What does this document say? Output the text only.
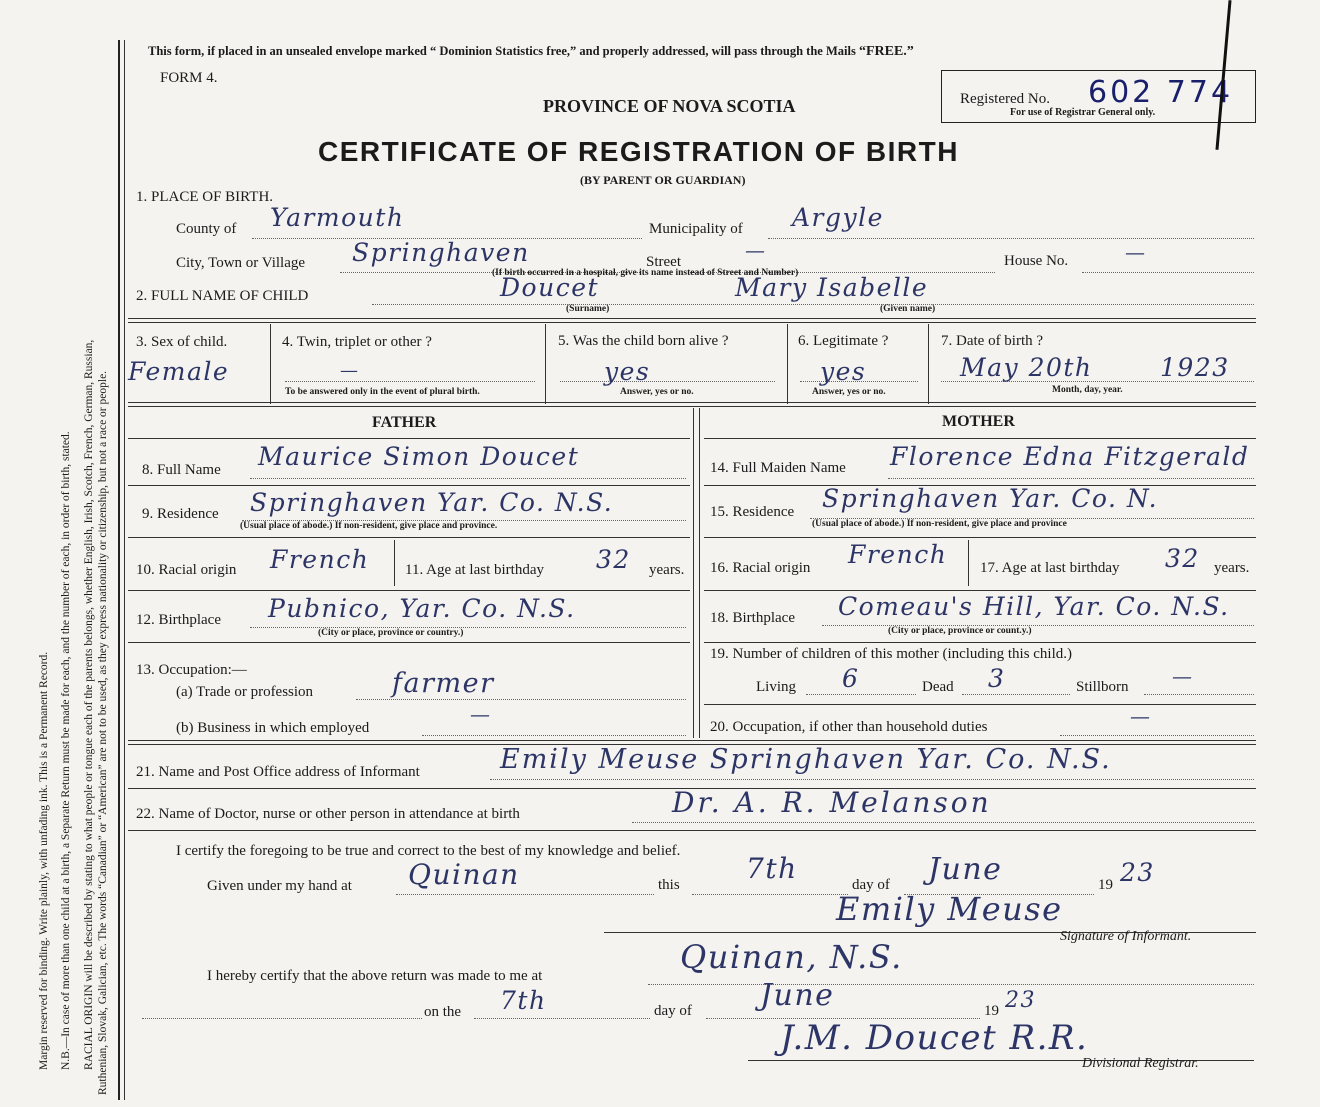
Margin reserved for binding. Write plainly, with unfading ink. This is a Permanent Record. N.B.—In case of more than one child at a birth, a Separate Return must be made for each, and the number of each, in order of birth, stated. RACIAL ORIGIN will be described by stating to what people or tongue each of the parents belongs, whether English, Irish, Scotch, French, German, Russian, Ruthenian, Slovak, Galician, etc. The words “Canadian” or “American” are not to be used, as they express nationality or citizenship, but not a race or people.
This form, if placed in an unsealed envelope marked “ Dominion Statistics free,” and properly addressed, will pass through the Mails “FREE.”
FORM 4.
PROVINCE OF NOVA SCOTIA
CERTIFICATE OF REGISTRATION OF BIRTH
(BY PARENT OR GUARDIAN)
Registered No. 602 774
For use of Registrar General only.
1. PLACE OF BIRTH.
County of Yarmouth	Municipality of Argyle
City, Town or Village Springhaven	Street	—
(If birth occurred in a hospital, give its name instead of Street and Number)
House No.	—
2. FULL NAME OF CHILD	Doucet	Mary Isabelle
(Surname)	(Given name)
3. Sex of child.
Female
4. Twin, triplet or other ?
—
To be answered only in the event of plural birth.
5. Was the child born alive ?
yes
Answer, yes or no.
6. Legitimate ?
yes
Answer, yes or no.
7. Date of birth ?
May 20th	1923
Month, day, year.
FATHER	MOTHER
8. Full Name Maurice Simon Doucet	14. Full Maiden Name Florence Edna Fitzgerald
9. Residence Springhaven Yar. Co. N.S.
(Usual place of abode.) If non-resident, give place and province.
15. Residence Springhaven Yar. Co. N.
(Usual place of abode.) If non-resident, give place and province
10. Racial origin French 11. Age at last birthday 32 years. 16. Racial origin French 17. Age at last birthday 32 years.
12. Birthplace Pubnico, Yar. Co. N.S.
(City or place, province or country.)
18. Birthplace Comeau's Hill, Yar. Co. N.S.
(City or place, province or count.y.)
13. Occupation:—
(a) Trade or profession	farmer
(b) Business in which employed
—
19. Number of children of this mother (including this child.)
Living 6	Dead 3	Stillborn —
20. Occupation, if other than household duties	—
21. Name and Post Office address of Informant	Emily Meuse Springhaven Yar. Co. N.S.
22. Name of Doctor, nurse or other person in attendance at birth	Dr. A. R. Melanson
I certify the foregoing to be true and correct to the best of my knowledge and belief.
Given under my hand at Quinan	this 7th	day of June	19 23
Emily Meuse
Signature of Informant.
I hereby certify that the above return was made to me at	Quinan, N.S.
on the 7th	day of June	19 23
J.M. Doucet R.R.
Divisional Registrar.
